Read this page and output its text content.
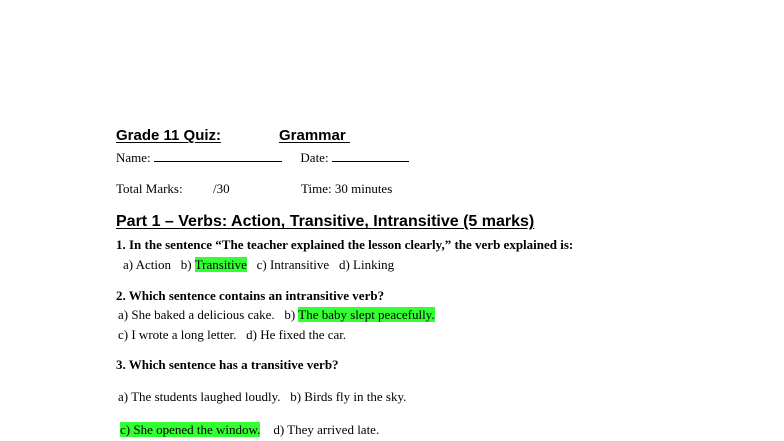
Grade 11 Quiz:	Grammar
Name:	Date:
Total Marks: /30	Time: 30 minutes
Part 1 – Verbs: Action, Transitive, Intransitive (5 marks)
1. In the sentence “The teacher explained the lesson clearly,” the verb explained is:
a) Action b) Transitive c) Intransitive d) Linking
2. Which sentence contains an intransitive verb?
a) She baked a delicious cake. b) The baby slept peacefully.
c) I wrote a long letter. d) He fixed the car.
3. Which sentence has a transitive verb?
a) The students laughed loudly. b) Birds fly in the sky.
c) She opened the window. d) They arrived late.
